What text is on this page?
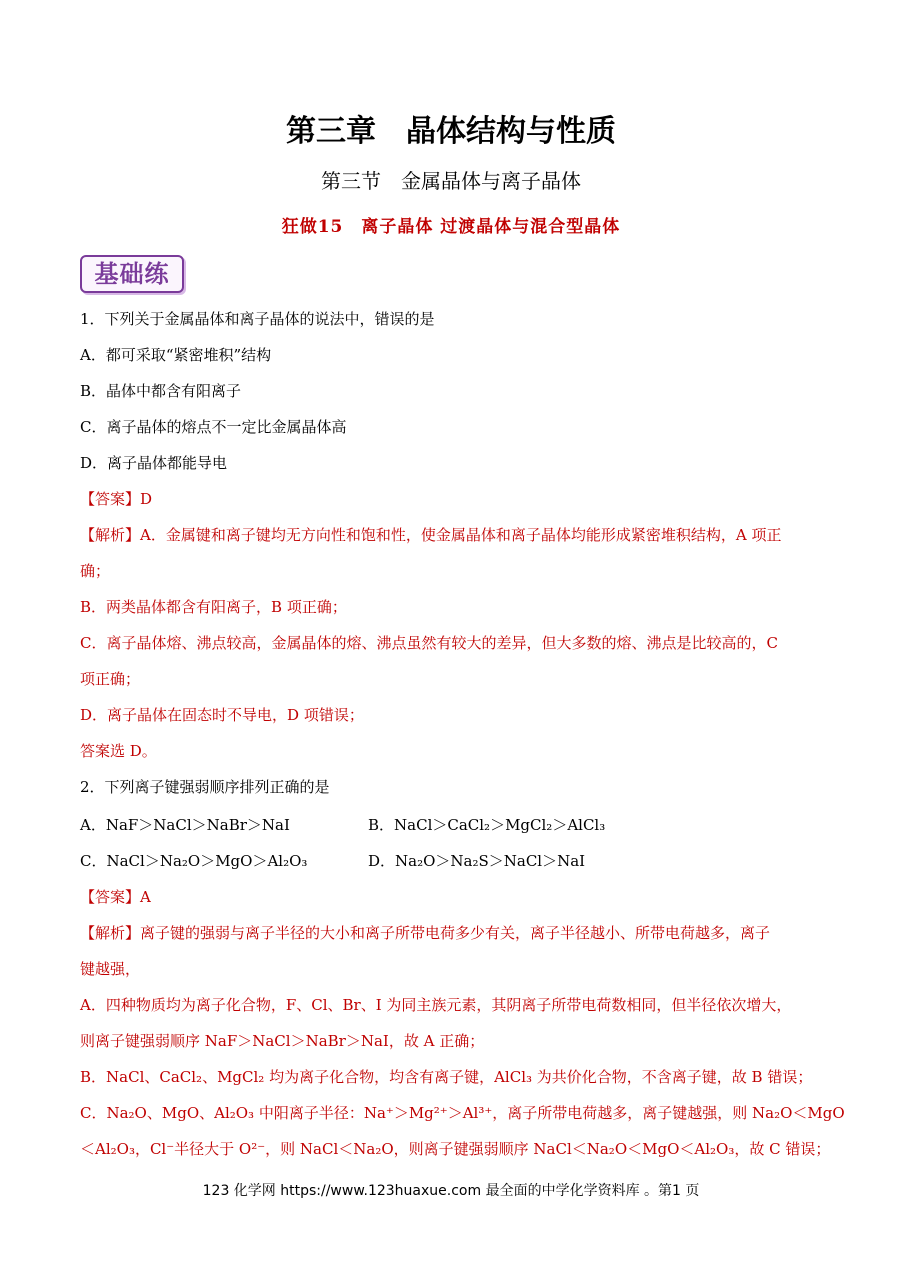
第三章　晶体结构与性质
第三节　金属晶体与离子晶体
狂做15　离子晶体 过渡晶体与混合型晶体
基础练
1．下列关于金属晶体和离子晶体的说法中，错误的是
A．都可采取“紧密堆积”结构
B．晶体中都含有阳离子
C．离子晶体的熔点不一定比金属晶体高
D．离子晶体都能导电
【答案】D
【解析】A．金属键和离子键均无方向性和饱和性，使金属晶体和离子晶体均能形成紧密堆积结构，A 项正
确；
B．两类晶体都含有阳离子，B 项正确；
C．离子晶体熔、沸点较高，金属晶体的熔、沸点虽然有较大的差异，但大多数的熔、沸点是比较高的，C
项正确；
D．离子晶体在固态时不导电，D 项错误；
答案选 D。
2．下列离子键强弱顺序排列正确的是
A．NaF＞NaCl＞NaBr＞NaI	B．NaCl＞CaCl₂＞MgCl₂＞AlCl₃
C．NaCl＞Na₂O＞MgO＞Al₂O₃	D．Na₂O＞Na₂S＞NaCl＞NaI
【答案】A
【解析】离子键的强弱与离子半径的大小和离子所带电荷多少有关，离子半径越小、所带电荷越多，离子
键越强，
A．四种物质均为离子化合物，F、Cl、Br、I 为同主族元素，其阴离子所带电荷数相同，但半径依次增大，
则离子键强弱顺序 NaF＞NaCl＞NaBr＞NaI，故 A 正确；
B．NaCl、CaCl₂、MgCl₂ 均为离子化合物，均含有离子键，AlCl₃ 为共价化合物，不含离子键，故 B 错误；
C．Na₂O、MgO、Al₂O₃ 中阳离子半径：Na⁺＞Mg²⁺＞Al³⁺，离子所带电荷越多，离子键越强，则 Na₂O＜MgO
＜Al₂O₃，Cl⁻半径大于 O²⁻，则 NaCl＜Na₂O，则离子键强弱顺序 NaCl＜Na₂O＜MgO＜Al₂O₃，故 C 错误；
123 化学网 https://www.123huaxue.com 最全面的中学化学资料库 。第1 页
